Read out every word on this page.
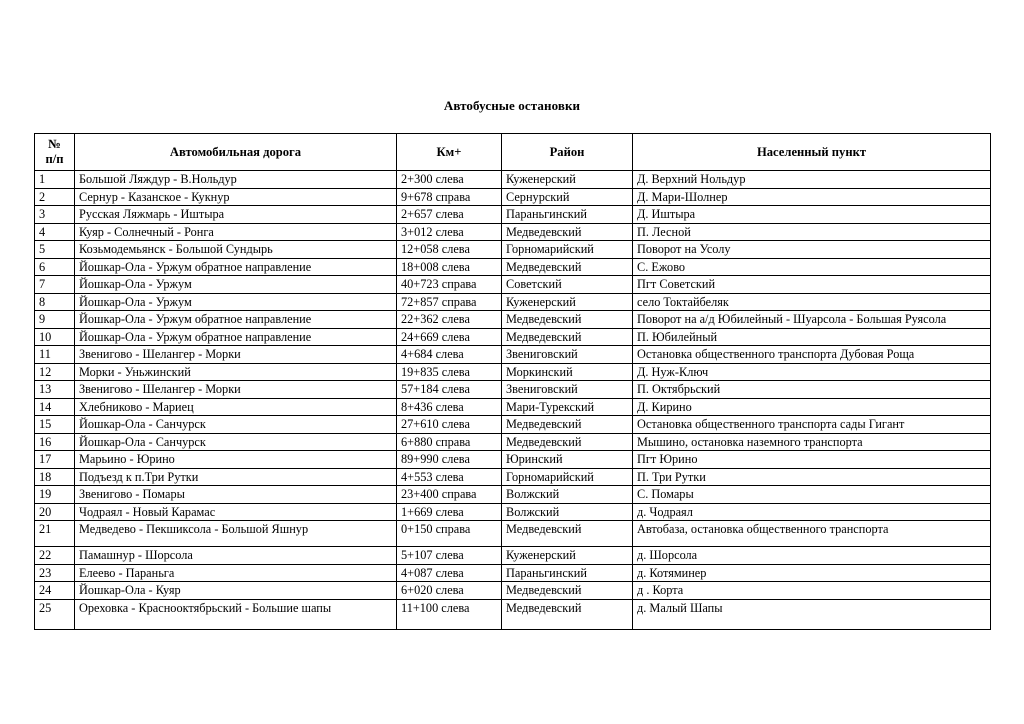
Автобусные остановки
№
п/п	Автомобильная дорога	Км+	Район	Населенный пункт
1	Большой Ляждур - В.Нольдур	2+300 слева	Куженерский	Д. Верхний Нольдур
2	Сернур - Казанское - Кукнур	9+678 справа	Сернурский	Д. Мари-Шолнер
3	Русская Ляжмарь - Иштыра	2+657 слева	Параньгинский	Д. Иштыра
4	Куяр - Солнечный - Ронга	3+012 слева	Медведевский	П. Лесной
5	Козьмодемьянск - Большой Сундырь	12+058 слева	Горномарийский	Поворот на Усолу
6	Йошкар-Ола - Уржум обратное направление	18+008 слева	Медведевский	С. Ежово
7	Йошкар-Ола - Уржум	40+723 справа	Советский	Пгт Советский
8	Йошкар-Ола - Уржум	72+857 справа	Куженерский	село Токтайбеляк
9	Йошкар-Ола - Уржум обратное направление	22+362 слева	Медведевский	Поворот на а/д Юбилейный - Шуарсола - Большая Руясола
10	Йошкар-Ола - Уржум обратное направление	24+669 слева	Медведевский	П. Юбилейный
11	Звенигово - Шелангер - Морки	4+684 слева	Звениговский	Остановка общественного транспорта Дубовая Роща
12	Морки - Уньжинский	19+835 слева	Моркинский	Д. Нуж-Ключ
13	Звенигово - Шелангер - Морки	57+184 слева	Звениговский	П. Октябрьский
14	Хлебниково - Мариец	8+436 слева	Мари-Турекский	Д. Кирино
15	Йошкар-Ола - Санчурск	27+610 слева	Медведевский	Остановка общественного транспорта сады Гигант
16	Йошкар-Ола - Санчурск	6+880 справа	Медведевский	Мышино, остановка наземного транспорта
17	Марьино - Юрино	89+990 слева	Юринский	Пгт Юрино
18	Подъезд к п.Три Рутки	4+553 слева	Горномарийский	П. Три Рутки
19	Звенигово - Помары	23+400 справа	Волжский	С. Помары
20	Чодраял - Новый Карамас	1+669 слева	Волжский	д. Чодраял
21	Медведево - Пекшиксола - Большой Яшнур	0+150 справа	Медведевский	Автобаза, остановка общественного транспорта
22	Памашнур - Шорсола	5+107 слева	Куженерский	д. Шорсола
23	Елеево - Параньга	4+087 слева	Параньгинский	д. Котяминер
24	Йошкар-Ола - Куяр	6+020 слева	Медведевский	д . Корта
25	Ореховка - Краснооктябрьский - Большие шапы	11+100 слева	Медведевский	д. Малый Шапы
